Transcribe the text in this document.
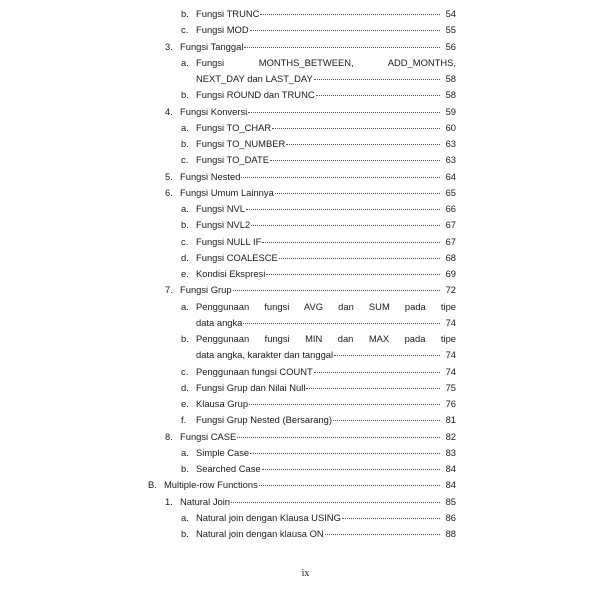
b. Fungsi TRUNC	54
c. Fungsi MOD	55
3. Fungsi Tanggal	56
a. Fungsi MONTHS_BETWEEN, ADD_MONTHS,
NEXT_DAY dan LAST_DAY	58
b. Fungsi ROUND dan TRUNC	58
4. Fungsi Konversi	59
a. Fungsi TO_CHAR	60
b. Fungsi TO_NUMBER	63
c. Fungsi TO_DATE	63
5. Fungsi Nested	64
6. Fungsi Umum Lainnya	65
a. Fungsi NVL	66
b. Fungsi NVL2	67
c. Fungsi NULL IF	67
d. Fungsi COALESCE	68
e. Kondisi Ekspresi	69
7. Fungsi Grup	72
a. Penggunaan fungsi AVG dan SUM pada tipe
data angka	74
b. Penggunaan fungsi MIN dan MAX pada tipe
data angka, karakter dan tanggal	74
c. Penggunaan fungsi COUNT	74
d. Fungsi Grup dan Nilai Null	75
e. Klausa Grup	76
f.	Fungsi Grup Nested (Bersarang)	81
8. Fungsi CASE	82
a. Simple Case	83
b. Searched Case	84
B. Multiple-row Functions	84
1. Natural Join	85
a. Natural join dengan Klausa USING	86
b. Natural join dengan klausa ON	88
ix
